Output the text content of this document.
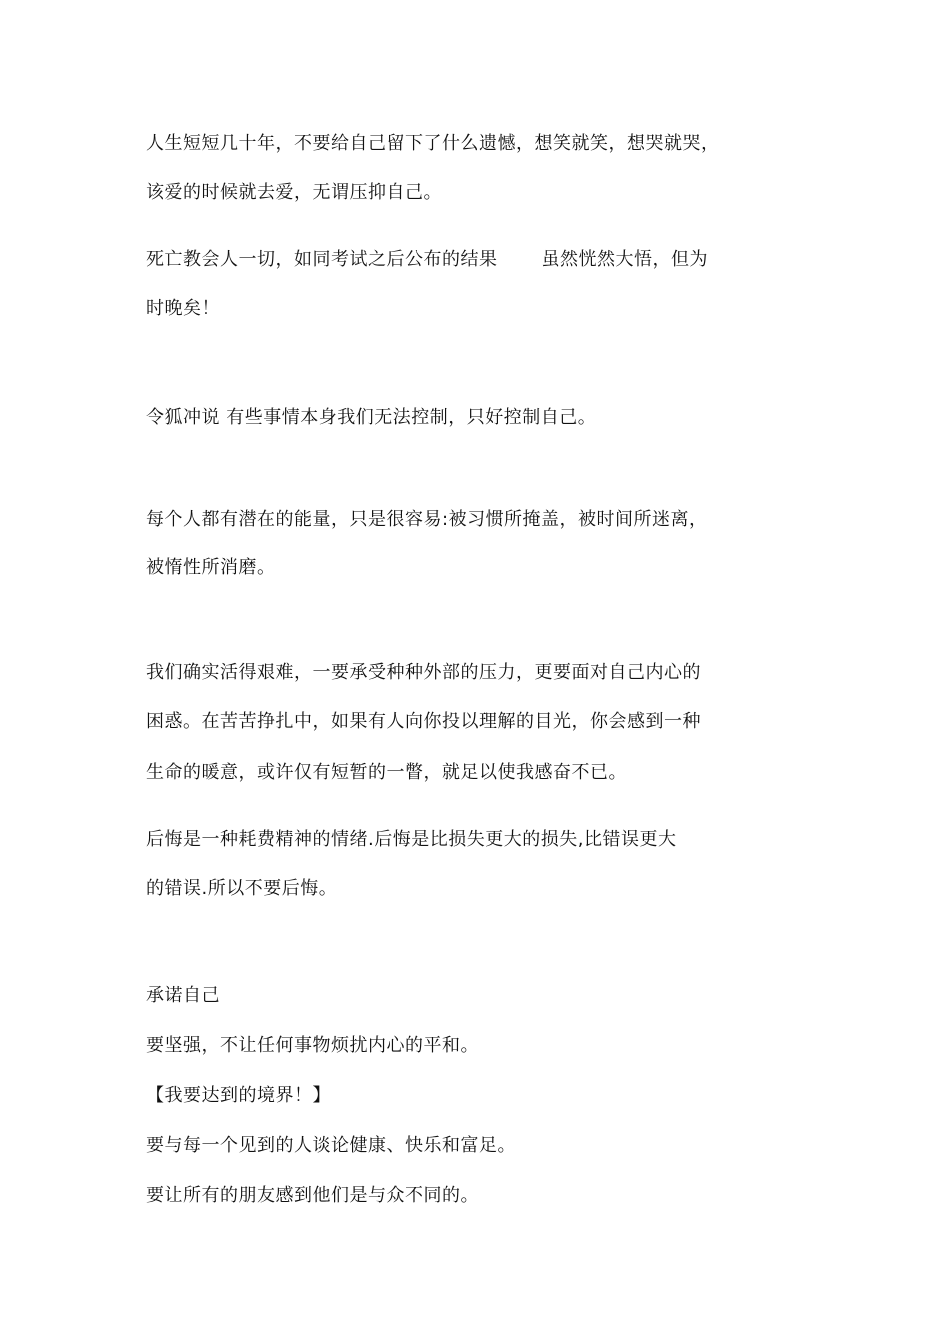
人生短短几十年，不要给自己留下了什么遗憾，想笑就笑，想哭就哭，
该爱的时候就去爱，无谓压抑自己。
死亡教会人一切，如同考试之后公布的结果 虽然恍然大悟，但为
时晚矣！
令狐冲说 有些事情本身我们无法控制，只好控制自己。
每个人都有潜在的能量，只是很容易:被习惯所掩盖，被时间所迷离，
被惰性所消磨。
我们确实活得艰难，一要承受种种外部的压力，更要面对自己内心的
困惑。在苦苦挣扎中，如果有人向你投以理解的目光，你会感到一种
生命的暖意，或许仅有短暂的一瞥，就足以使我感奋不已。
后悔是一种耗费精神的情绪.后悔是比损失更大的损失,比错误更大
的错误.所以不要后悔。
承诺自己
要坚强，不让任何事物烦扰内心的平和。
【我要达到的境界！】
要与每一个见到的人谈论健康、快乐和富足。
要让所有的朋友感到他们是与众不同的。
